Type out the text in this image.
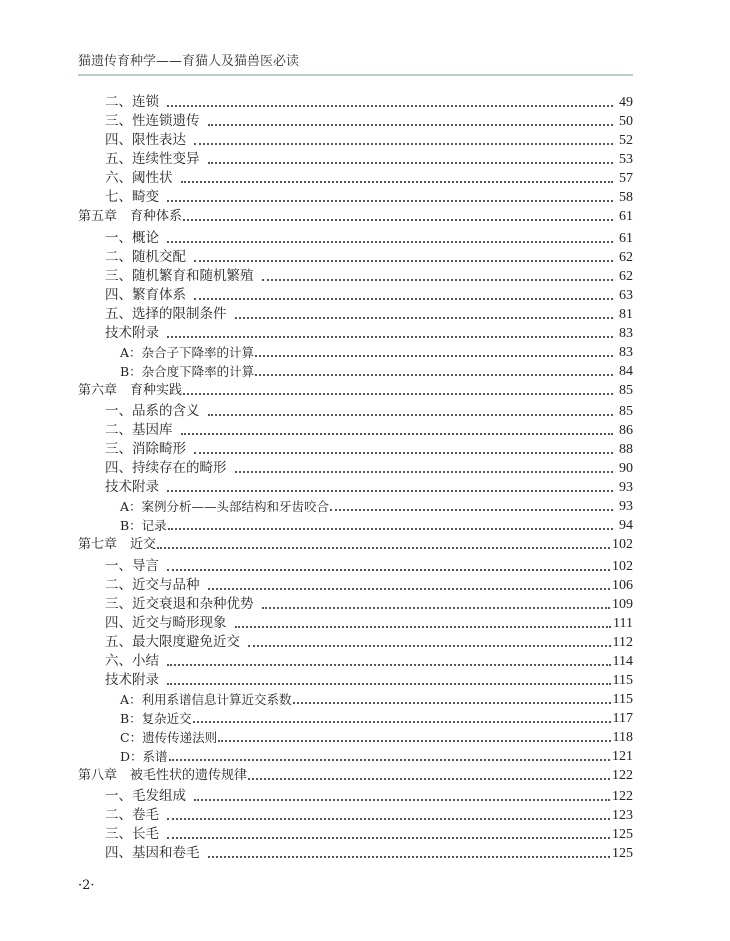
猫遗传育种学——育猫人及猫兽医必读
二、连锁	49
三、性连锁遗传	50
四、限性表达	52
五、连续性变异	53
六、阈性状	57
七、畸变	58
第五章　育种体系	61
一、概论	61
二、随机交配	62
三、随机繁育和随机繁殖	62
四、繁育体系	63
五、选择的限制条件	81
技术附录	83
A：杂合子下降率的计算	83
B：杂合度下降率的计算	84
第六章　育种实践	85
一、品系的含义	85
二、基因库	86
三、消除畸形	88
四、持续存在的畸形	90
技术附录	93
A：案例分析——头部结构和牙齿咬合	93
B：记录	94
第七章　近交	102
一、导言	102
二、近交与品种	106
三、近交衰退和杂种优势	109
四、近交与畸形现象	111
五、最大限度避免近交	112
六、小结	114
技术附录	115
A：利用系谱信息计算近交系数	115
B：复杂近交	117
C：遗传传递法则	118
D：系谱	121
第八章　被毛性状的遗传规律	122
一、毛发组成	122
二、卷毛	123
三、长毛	125
四、基因和卷毛	125
·2·
